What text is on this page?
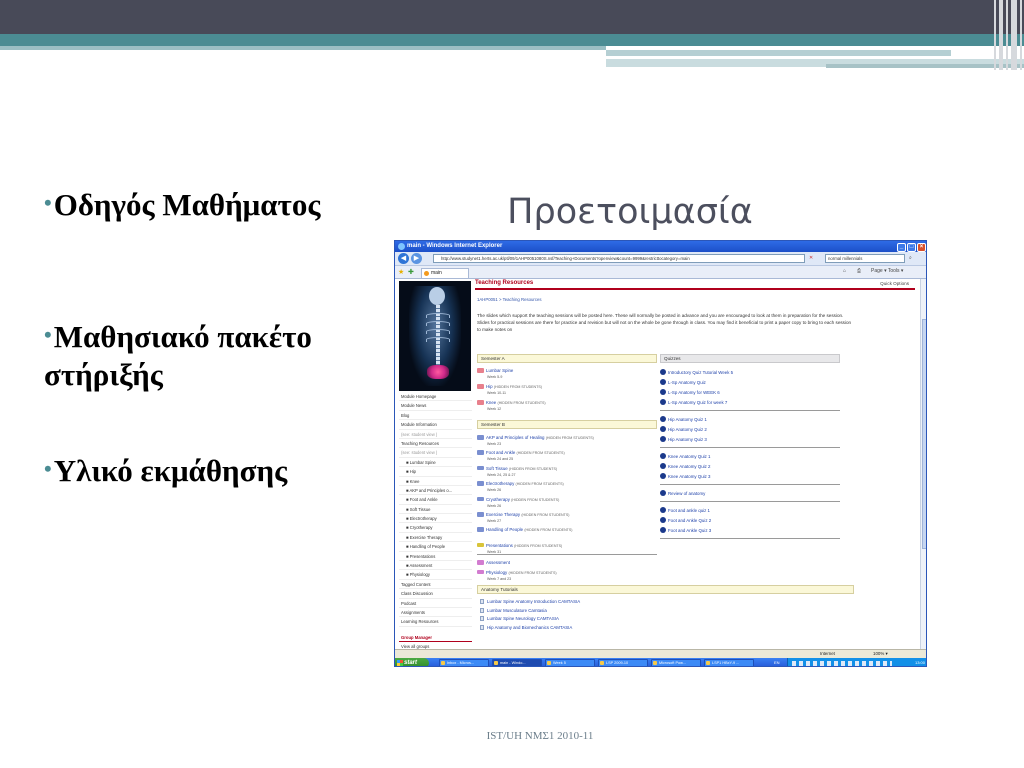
Προετοιμασία
•Οδηγός Μαθήματος
•Μαθησιακό πακέτο στήριξής
•Υλικό εκμάθησης
main - Windows Internet Explorer	_ □ ×
◀	▶	http://www.studynet1.herts.ac.uk/ptl/09/1AHP0051080S.nsf/Teaching+Documents?openview&count=9999&restricttocategory=main	✕	normal millennials	⌕
★ ✚	main	⌂ ⎙ Page ▾ Tools ▾
Module Homepage
Module News
Blog
Module Information
(see: student view )
Teaching Resources
(see: student view )
■ Lumbar Spine
■ Hip
■ Knee
■ AKP and Principles o...
■ Foot and Ankle
■ Soft Tissue
■ Electrotherapy
■ Cryotherapy
■ Exercise Therapy
■ Handling of People
■ Presentations
■ Assessment
■ Physiology
Tagged Content
Class Discussion
Podcast
Assignments
Learning Resources
Group Manager
View all groups
Teaching Resources	Quick Options
1AHP0051 > Teaching Resources
The slides which support the teaching sessions will be posted here. These will normally be posted in advance and you are encouraged to look at them in preparation for the session. Slides for practical sessions are there for practice and revision but will not on the whole be gone through in class. You may find it beneficial to print a paper copy to bring to each session to make notes on
Semester A
Lumbar Spine
Week 5-9
Hip (HIDDEN FROM STUDENTS)
Week 10-11
Knee (HIDDEN FROM STUDENTS)
Week 12
Semester B
AKP and Principles of Healing (HIDDEN FROM STUDENTS)
Week 23
Foot and Ankle (HIDDEN FROM STUDENTS)
Week 24 and 25
Soft Tissue (HIDDEN FROM STUDENTS)
Week 24, 25 & 27
Electrotherapy (HIDDEN FROM STUDENTS)
Week 26
Cryotherapy (HIDDEN FROM STUDENTS)
Week 26
Exercise Therapy (HIDDEN FROM STUDENTS)
Week 27
Handling of People (HIDDEN FROM STUDENTS)
Presentations (HIDDEN FROM STUDENTS)
Week 31
Assessment
Physiology (HIDDEN FROM STUDENTS)
Week 7 and 23
Anatomy Tutorials
Lumbar Spine Anatomy Introduction CAMTASIA
Lumbar Musculature Camtasia
Lumbar Spine Neurology CAMTASIA
Hip Anatomy and Biomechanics CAMTASIA
Quizzes
Introductory Quiz Tutorial Week 5
L-Sp Anatomy Quiz
L-Sp Anatomy for WEEK 6
L-Sp Anatomy Quiz for week 7
Hip Anatomy Quiz 1
Hip Anatomy Quiz 2
Hip Anatomy Quiz 3
Knee Anatomy Quiz 1
Knee Anatomy Quiz 2
Knee Anatomy Quiz 3
Review of anatomy
Foot and ankle quiz 1
Foot and Ankle Quiz 2
Foot and Ankle Quiz 3
Internet	100% ▾
start	Inbox - Micros...	main - Windo...	Week 5	LSP 2009-10	Microsoft Pow...	LSP1 HBxY-9 ...	EN	13:00
IST/UH ΝΜΣ1 2010-11
